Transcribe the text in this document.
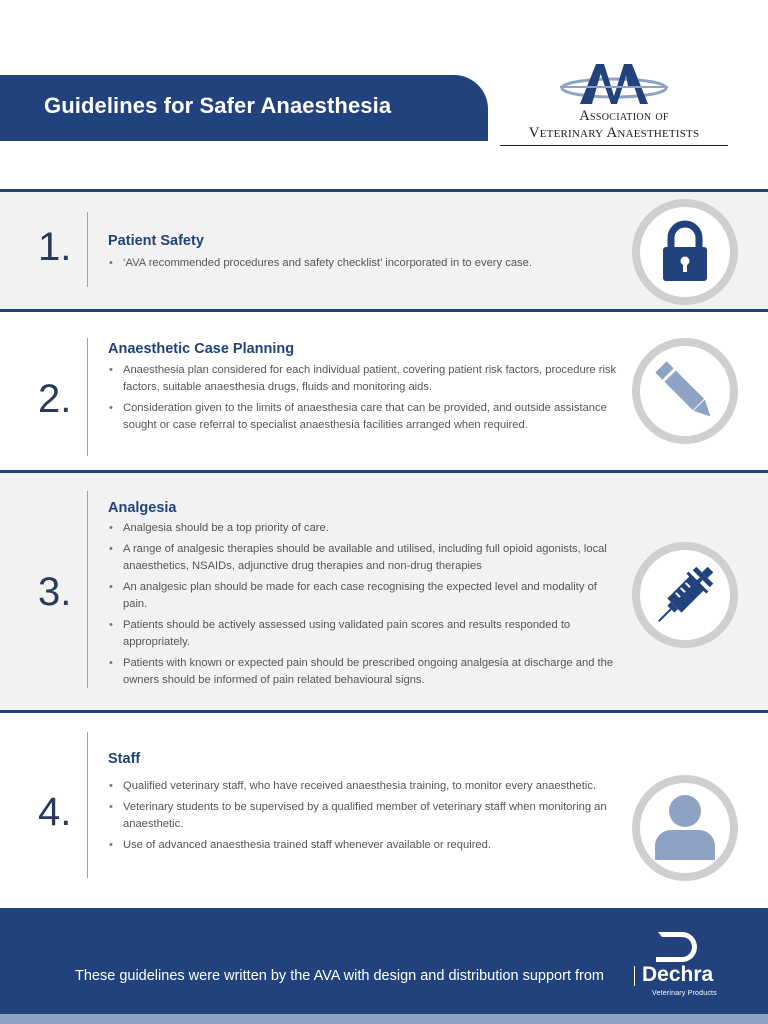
Guidelines for Safer Anaesthesia	Association of
Veterinary Anaesthetists
1.	Patient Safety
• ‘AVA recommended procedures and safety checklist’ incorporated in to every case.
2.
Anaesthetic Case Planning
• Anaesthesia plan considered for each individual patient, covering patient risk factors, procedure risk factors, suitable anaesthesia drugs, fluids and monitoring aids.
• Consideration given to the limits of anaesthesia care that can be provided, and outside assistance sought or case referral to specialist anaesthesia facilities arranged when required.
3.
Analgesia
• Analgesia should be a top priority of care.
• A range of analgesic therapies should be available and utilised, including full opioid agonists, local anaesthetics, NSAIDs, adjunctive drug therapies and non-drug therapies
• An analgesic plan should be made for each case recognising the expected level and modality of pain.
• Patients should be actively assessed using validated pain scores and results responded to appropriately.
• Patients with known or expected pain should be prescribed ongoing analgesia at discharge and the owners should be informed of pain related behavioural signs.
4.
Staff
• Qualified veterinary staff, who have received anaesthesia training, to monitor every anaesthetic.
• Veterinary students to be supervised by a qualified member of veterinary staff when monitoring an anaesthetic.
• Use of advanced anaesthesia trained staff whenever available or required.
These guidelines were written by the AVA with design and distribution support from Dechra
Veterinary Products
